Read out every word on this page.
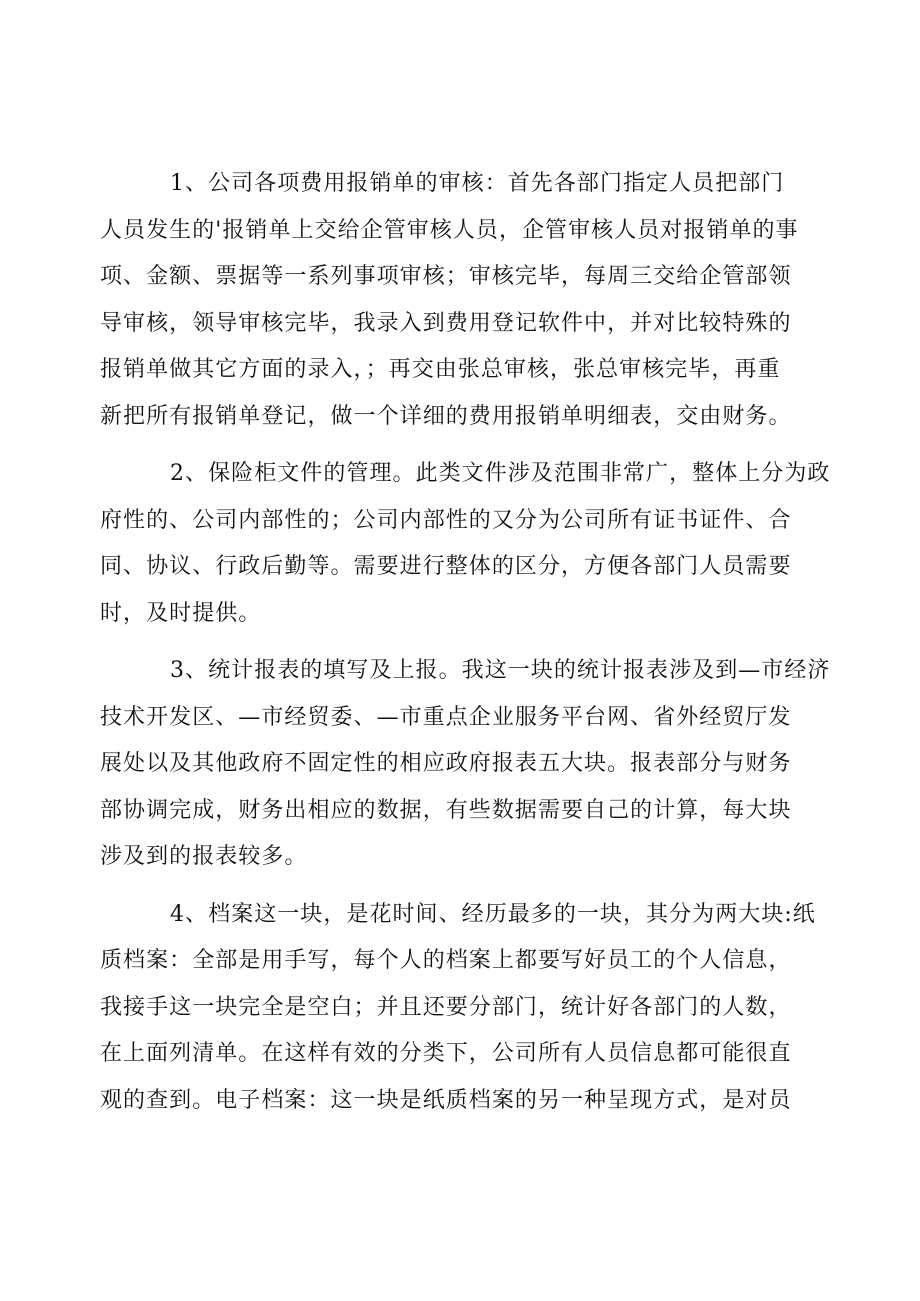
1、公司各项费用报销单的审核：首先各部门指定人员把部门 人员发生的'报销单上交给企管审核人员，企管审核人员对报销单的事 项、金额、票据等一系列事项审核；审核完毕，每周三交给企管部领 导审核，领导审核完毕，我录入到费用登记软件中，并对比较特殊的 报销单做其它方面的录入，；再交由张总审核，张总审核完毕，再重 新把所有报销单登记，做一个详细的费用报销单明细表，交由财务。
2、保险柜文件的管理。此类文件涉及范围非常广，整体上分为政 府性的、公司内部性的；公司内部性的又分为公司所有证书证件、合 同、协议、行政后勤等。需要进行整体的区分，方便各部门人员需要 时，及时提供。
3、统计报表的填写及上报。我这一块的统计报表涉及到—市经济 技术开发区、—市经贸委、—市重点企业服务平台网、省外经贸厅发 展处以及其他政府不固定性的相应政府报表五大块。报表部分与财务 部协调完成，财务出相应的数据，有些数据需要自己的计算，每大块 涉及到的报表较多。
4、档案这一块，是花时间、经历最多的一块，其分为两大块:纸 质档案：全部是用手写，每个人的档案上都要写好员工的个人信息， 我接手这一块完全是空白；并且还要分部门，统计好各部门的人数， 在上面列清单。在这样有效的分类下，公司所有人员信息都可能很直 观的查到。电子档案：这一块是纸质档案的另一种呈现方式，是对员
